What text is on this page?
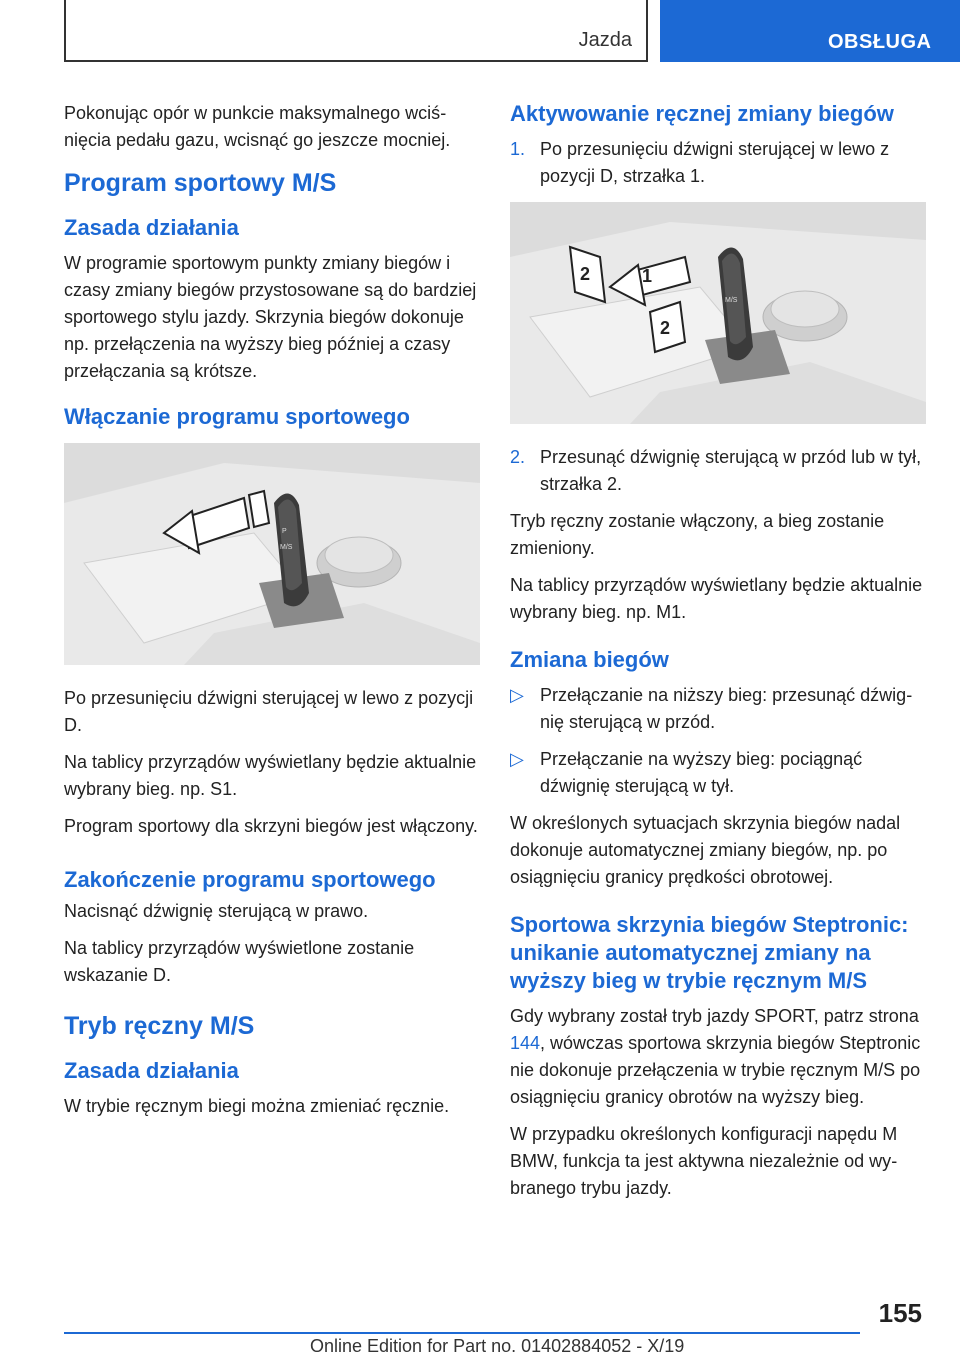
Jazda	OBSŁUGA

Pokonując opór w punkcie maksymalnego wciśnięcia pedału gazu, wcisnąć go jeszcze mocniej.

Program sportowy M/S
Zasada działania

W programie sportowym punkty zmiany biegów i czasy zmiany biegów przystosowane są do bardziej sportowego stylu jazdy. Skrzynia biegów dokonuje np. przełączenia na wyższy bieg później a czasy przełączania są krótsze.

Włączanie programu sportowego
P
M/S

Po przesunięciu dźwigni sterującej w lewo z pozycji D.

Na tablicy przyrządów wyświetlany będzie aktualnie wybrany bieg. np. S1.

Program sportowy dla skrzyni biegów jest włączony.

Zakończenie programu sportowego

Nacisnąć dźwignię sterującą w prawo.

Na tablicy przyrządów wyświetlone zostanie wskazanie D.

Tryb ręczny M/S
Zasada działania

W trybie ręcznym biegi można zmieniać ręcznie.

Aktywowanie ręcznej zmiany biegów
1. Po przesunięciu dźwigni sterującej w lewo z pozycji D, strzałka 1.
M/S
1
2
2
2. Przesunąć dźwignię sterującą w przód lub w tył, strzałka 2.

Tryb ręczny zostanie włączony, a bieg zostanie zmieniony.

Na tablicy przyrządów wyświetlany będzie aktualnie wybrany bieg. np. M1.

Zmiana biegów
▷ Przełączanie na niższy bieg: przesunąć dźwignię sterującą w przód.
▷ Przełączanie na wyższy bieg: pociągnąć dźwignię sterującą w tył.

W określonych sytuacjach skrzynia biegów nadal dokonuje automatycznej zmiany biegów, np. po osiągnięciu granicy prędkości obrotowej.

Sportowa skrzynia biegów Steptronic: unikanie automatycznej zmiany na wyższy bieg w trybie ręcznym M/S

Gdy wybrany został tryb jazdy SPORT, patrz strona 144, wówczas sportowa skrzynia biegów Steptronic nie dokonuje przełączenia w trybie ręcznym M/S po osiągnięciu granicy obrotów na wyższy bieg.

W przypadku określonych konfiguracji napędu M BMW, funkcja ta jest aktywna niezależnie od wybranego trybu jazdy.

155
Online Edition for Part no. 01402884052 - X/19
